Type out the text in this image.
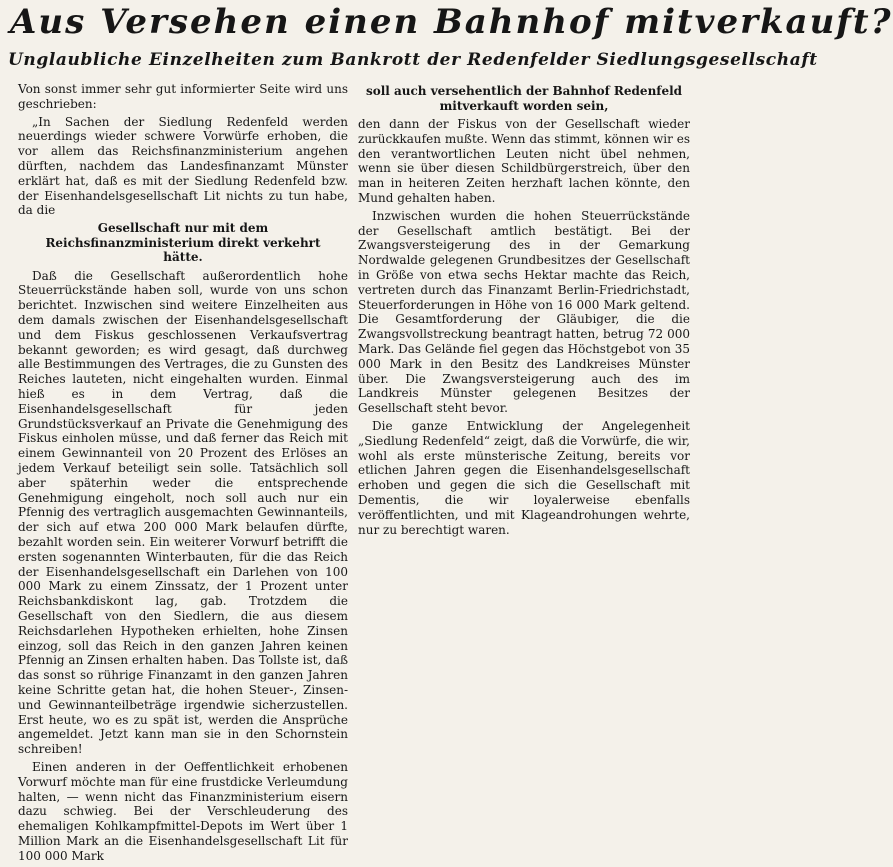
Aus Versehen einen Bahnhof mitverkauft?
Unglaubliche Einzelheiten zum Bankrott der Redenfelder Siedlungsgesellschaft

Von sonst immer sehr gut informierter Seite wird uns geschrieben:

„In Sachen der Siedlung Redenfeld werden neuerdings wieder schwere Vorwürfe erhoben, die vor allem das Reichsfinanzministerium angehen dürften, nachdem das Landesfinanzamt Münster erklärt hat, daß es mit der Siedlung Redenfeld bzw. der Eisenhandelsgesellschaft Lit nichts zu tun habe, da die

Gesellschaft nur mit dem Reichsfinanzministerium direkt verkehrt hätte.

Daß die Gesellschaft außerordentlich hohe Steuerrückstände haben soll, wurde von uns schon berichtet. Inzwischen sind weitere Einzelheiten aus dem damals zwischen der Eisenhandelsgesellschaft und dem Fiskus geschlossenen Verkaufsvertrag bekannt geworden; es wird gesagt, daß durchweg alle Bestimmungen des Vertrages, die zu Gunsten des Reiches lauteten, nicht eingehalten wurden. Einmal hieß es in dem Vertrag, daß die Eisenhandelsgesellschaft für jeden Grundstücksverkauf an Private die Genehmigung des Fiskus einholen müsse, und daß ferner das Reich mit einem Gewinnanteil von 20 Prozent des Erlöses an jedem Verkauf beteiligt sein solle. Tatsächlich soll aber späterhin weder die entsprechende Genehmigung eingeholt, noch soll auch nur ein Pfennig des vertraglich ausgemachten Gewinnanteils, der sich auf etwa 200 000 Mark belaufen dürfte, bezahlt worden sein. Ein weiterer Vorwurf betrifft die ersten sogenannten Winterbauten, für die das Reich der Eisenhandelsgesellschaft ein Darlehen von 100 000 Mark zu einem Zinssatz, der 1 Prozent unter Reichsbankdiskont lag, gab. Trotzdem die Gesellschaft von den Siedlern, die aus diesem Reichsdarlehen Hypotheken erhielten, hohe Zinsen einzog, soll das Reich in den ganzen Jahren keinen Pfennig an Zinsen erhalten haben. Das Tollste ist, daß das sonst so rührige Finanzamt in den ganzen Jahren keine Schritte getan hat, die hohen Steuer-, Zinsen- und Gewinnanteilbeträge irgendwie sicherzustellen. Erst heute, wo es zu spät ist, werden die Ansprüche angemeldet. Jetzt kann man sie in den Schornstein schreiben!

Einen anderen in der Oeffentlichkeit erhobenen Vorwurf möchte man für eine frustdicke Verleumdung halten, — wenn nicht das Finanzministerium eisern dazu schwieg. Bei der Verschleuderung des ehemaligen Kohlkampfmittel-Depots im Wert über 1 Million Mark an die Eisenhandelsgesellschaft Lit für 100 000 Mark

soll auch versehentlich der Bahnhof Redenfeld mitverkauft worden sein,

den dann der Fiskus von der Gesellschaft wieder zurückkaufen mußte. Wenn das stimmt, können wir es den verantwortlichen Leuten nicht übel nehmen, wenn sie über diesen Schildbürgerstreich, über den man in heiteren Zeiten herzhaft lachen könnte, den Mund gehalten haben.

Inzwischen wurden die hohen Steuerrückstände der Gesellschaft amtlich bestätigt. Bei der Zwangsversteigerung des in der Gemarkung Nordwalde gelegenen Grundbesitzes der Gesellschaft in Größe von etwa sechs Hektar machte das Reich, vertreten durch das Finanzamt Berlin-Friedrichstadt, Steuerforderungen in Höhe von 16 000 Mark geltend. Die Gesamtforderung der Gläubiger, die die Zwangsvollstreckung beantragt hatten, betrug 72 000 Mark. Das Gelände fiel gegen das Höchstgebot von 35 000 Mark in den Besitz des Landkreises Münster über. Die Zwangsversteigerung auch des im Landkreis Münster gelegenen Besitzes der Gesellschaft steht bevor.

Die ganze Entwicklung der Angelegenheit „Siedlung Redenfeld“ zeigt, daß die Vorwürfe, die wir, wohl als erste münsterische Zeitung, bereits vor etlichen Jahren gegen die Eisenhandelsgesellschaft erhoben und gegen die sich die Gesellschaft mit Dementis, die wir loyalerweise ebenfalls veröffentlichten, und mit Klageandrohungen wehrte, nur zu berechtigt waren.
